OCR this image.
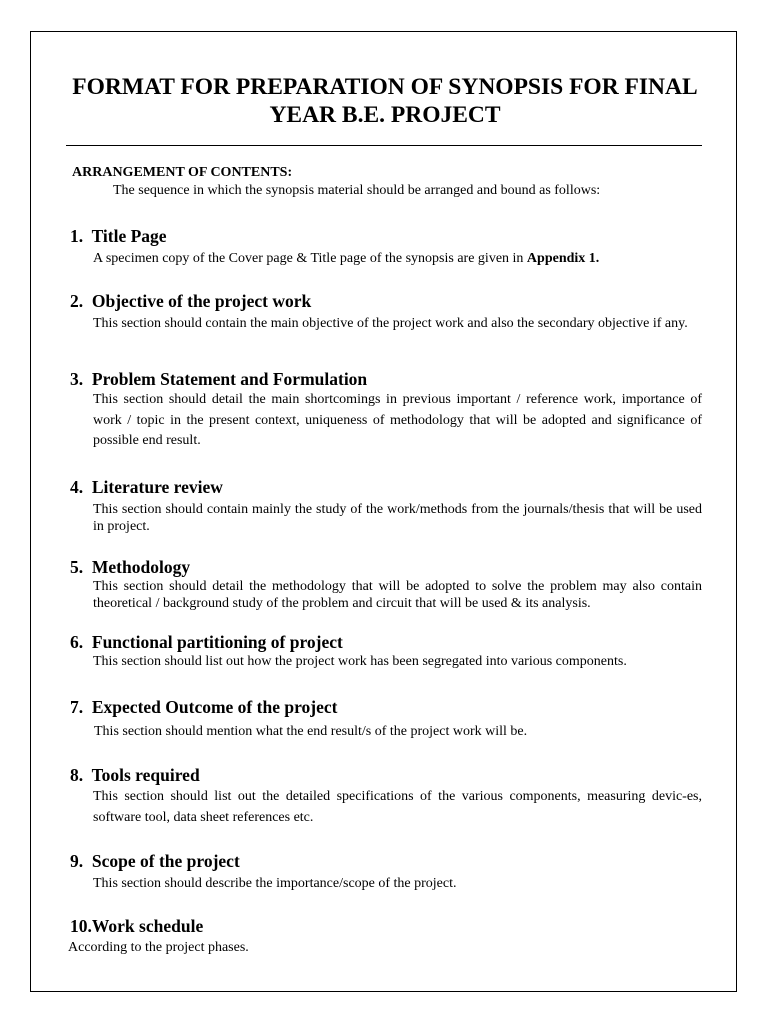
FORMAT FOR PREPARATION OF SYNOPSIS FOR FINAL YEAR B.E. PROJECT
ARRANGEMENT OF CONTENTS:
The sequence in which the synopsis material should be arranged and bound as follows:
1. Title Page
A specimen copy of the Cover page & Title page of the synopsis are given in Appendix 1.
2. Objective of the project work
This section should contain the main objective of the project work and also the secondary objective if any.
3. Problem Statement and Formulation
This section should detail the main shortcomings in previous important / reference work, importance of work / topic in the present context, uniqueness of methodology that will be adopted and significance of possible end result.
4. Literature review
This section should contain mainly the study of the work/methods from the journals/thesis that will be used in project.
5. Methodology
This section should detail the methodology that will be adopted to solve the problem may also contain theoretical / background study of the problem and circuit that will be used & its analysis.
6. Functional partitioning of project
This section should list out how the project work has been segregated into various components.
7. Expected Outcome of the project
This section should mention what the end result/s of the project work will be.
8. Tools required
This section should list out the detailed specifications of the various components, measuring devic-es, software tool, data sheet references etc.
9. Scope of the project
This section should describe the importance/scope of the project.
10.Work schedule
According to the project phases.
